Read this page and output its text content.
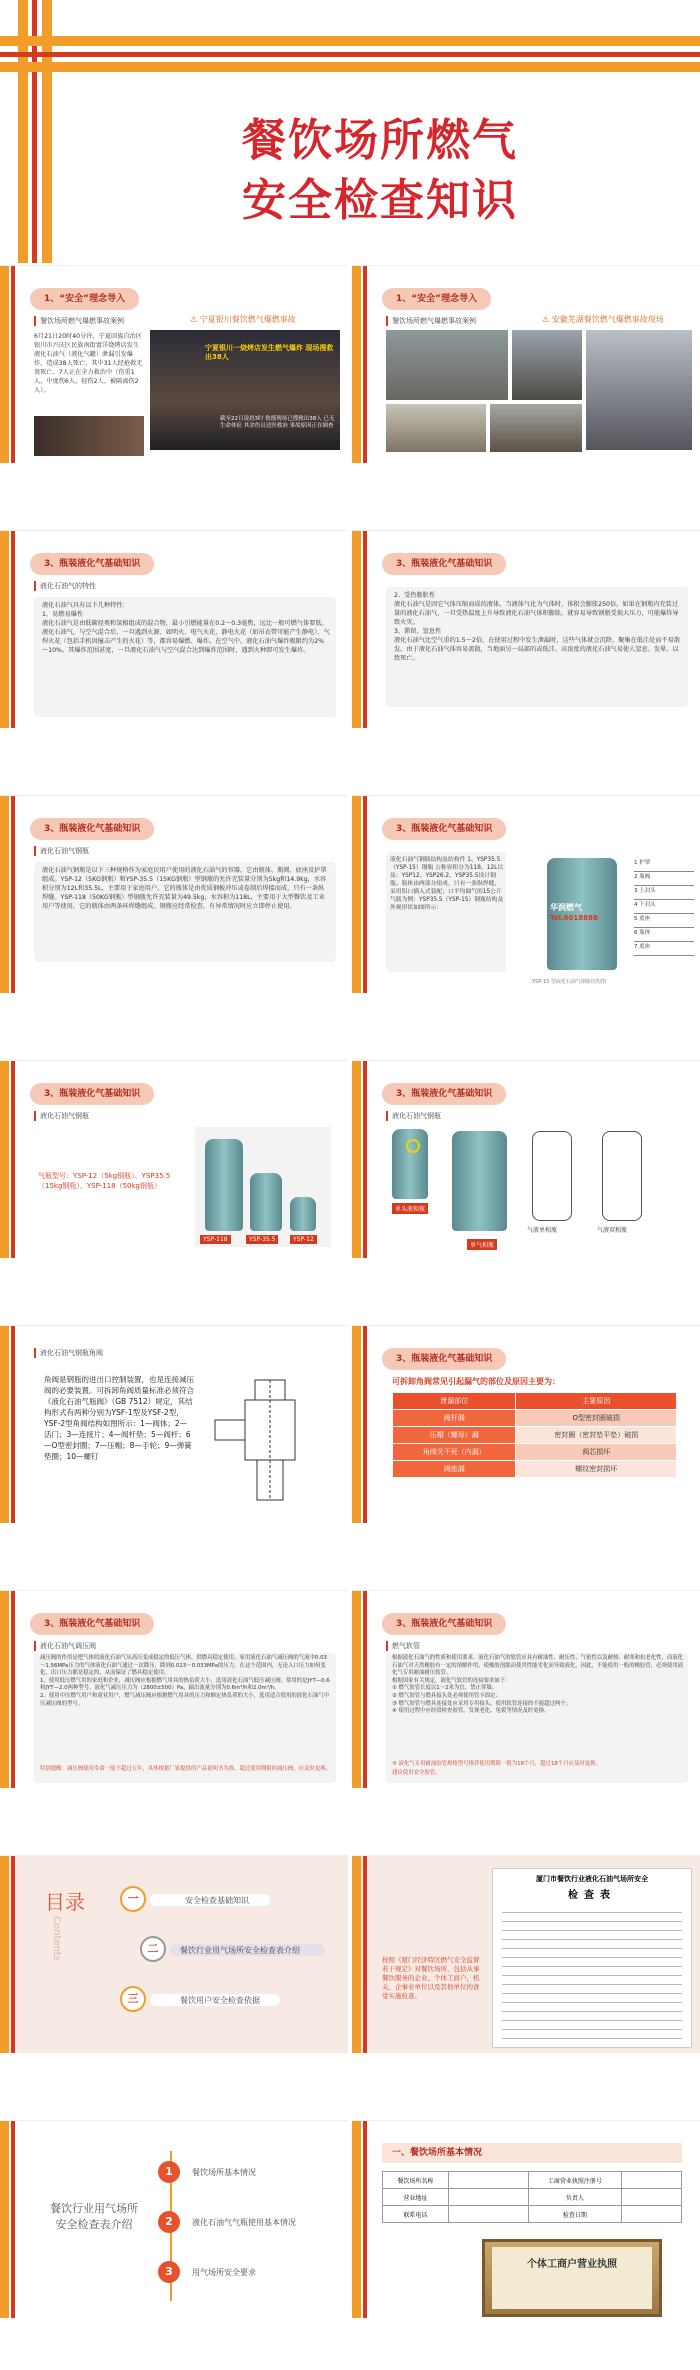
餐饮场所燃气
安全检查知识
1、“安全”理念导入
餐饮场所燃气爆燃事故案例	⚠ 宁夏银川餐饮燃气爆燃事故
6月21日20时40分许，宁夏回族自治区银川市兴庆区民族南街富洋烧烤店发生液化石油气（液化气罐）泄漏引发爆炸，造成38人死亡、其中31人经抢救无效死亡、7人正在全力救治中（伤重1人、中度伤6人、轻伤2人、被隔离伤2人）。
宁夏银川一烧烤店发生燃气爆炸 现场搜救出38人
截至22日凌晨3时 救援现场已搜救出38人 已无生命体征 其余伤员送医救治 事故原因正在调查
1、“安全”理念导入
餐饮场所燃气爆燃事故案例	⚠ 安徽芜湖餐饮燃气爆燃事故现场
3、瓶装液化气基础知识
液化石油气的特性
液化石油气具有以下几种特性：
1、易燃易爆性
液化石油气是由低碳烃类和氢相组成的混合物，最小引燃能量在0.2～0.3毫焦，远比一般可燃气体要低。液化石油气，与空气混合后，一旦遇到火源、如明火、电气火花、静电火花（如吊衣带可能产生静电）、气焊火花（包括手机因撞击产生的火花）等，都容易爆燃、爆炸。在空气中，液化石油气爆炸极限约为2%～10%。其爆炸范围甚宽，一旦液化石油气与空气混合达到爆炸范围时，遇到火种即可发生爆炸。
3、瓶装液化气基础知识
2、受热膨胀性
液化石油气是因它气体压缩而成的液体，当液体气化为气体时，体积会膨胀250倍。如果在钢瓶内充装过量的液化石油气，一旦受热温度上升导致液化石油气体积膨胀，就容易导致钢瓶受损大压力，可能爆炸导致火灾。
3、滞留、窒息性
液化石油气比空气重约1.5～2倍，在使用过程中发生泄漏时，这些气体就会沉降，聚集在低洼处而不易散发。由于液化石油气体容易流散，当地面另一局部的或低洼、高浓度的液化石油气易使人窒息、发晕、以致死亡。
3、瓶装液化气基础知识
液化石油气钢瓶
液化石油气钢瓶是以下三种规格作为家庭民用户使用的液化石油气的容器，它由瓶体、瓶阀、底座及护罩组成。YSP-12（5KG钢瓶）和YSP-35.5（15KG钢瓶）型钢瓶的允许充装量分别为5kg和14.9kg，水容积分别为12L和35.5L，主要用于家庭用户。它的瓶体是由优质钢板冲压或卷制后焊接而成，只有一条纵焊缝。YSP-118（50KG钢瓶）型钢瓶允许充装量为49.5kg，水容积为118L，主要用于大型餐饮及工业用户等使用，它的瓶体由两条环焊缝组成。钢瓶应经常检查，有异常情况时应立即停止使用。
3、瓶装液化气基础知识
液化石油气钢瓶结构及结构件 1、YSP35.5（YSP-15）钢瓶 公称容积分为118、12L以及：YSP12、YSP26.2、YSP35.5设计钢瓶。瓶体由两部分组成，只有一条纵焊缝，采用铝口插入式装配；口平均圆气的15公斤气瓶为例：YSP35.5（YSP-15）钢瓶结构及外观形状如图所示：	华润燃气
Tel.6018888
1 护罩
2 瓶阀
3 上封头
4 下封头
5 底座
6 瓶体
7 底座
YSP-15 型液化石油气钢瓶结构图
3、瓶装液化气基础知识
液化石油气钢瓶
气瓶型号：YSP-12（5kg钢瓶）、YSP35.5（15kg钢瓶）、YSP-118（50kg钢瓶）
YSP-118	YSP-35.5	YSP-12
3、瓶装液化气基础知识
液化石油气钢瓶
单头液相瓶
单气相瓶
气液单相瓶	气液双相瓶
液化石油气钢瓶角阀
角阀是钢瓶的进出口控制装置，也是连接减压阀的必要装置。可拆卸角阀质量标准必须符合《液化石油气瓶阀》（GB 7512）规定，其结构形式有两种分别为YSF-1型及YSF-2型，YSF-2型角阀结构如图所示：1—阀体；2—活门；3—连接片；4—阀杆垫；5—阀杆；6—O型密封圈；7—压帽；8—手轮；9—弹簧垫圈；10—螺钉
3、瓶装液化气基础知识
可拆卸角阀常见引起漏气的部位及原因主要为：
泄漏部位	主要原因
阀杆漏	O型密封圈破损
压帽（螺母）漏	密封圈（密封垫平垫）破损
角阀关不死（内漏）	阀芯损坏
阀座漏	螺纹密封损坏
3、瓶装液化气基础知识
液化石油气调压阀
减压阀的作用是把气体的液化石油气从高压变成稳定的低压气体，供燃具稳定使用，家用液化石油气减压阀的气流中0.03～1.56MPa压力的气体液化石油气通过一次降压，降到0.023～0.033MPa的压力，在这个范围内，无论入口压力如何变化，出口压力都是稳定的，从而保证了燃具稳定使用。
1、使用低压燃气用的家庭和企业，减压阀应根据燃气用具的热负荷大小，选用液化石油气低压减压阀。常用的是JYT—0.6和JYT—2.0两种型号，液化气减压压力为（2800±500）Pa，输出流量分别为0.6m³/h和2.0m³/h。
2、使用中压燃气用户和商业用户，燃气减压阀应根据燃气用具的压力和额定热负荷的大小，选用适合使用的液化石油气中压减压阀的型号。
特别提醒：减压阀使用寿命一般不超过五年，具体根据厂家提供的产品说明书为准。超过使用期限的减压阀，应及时更换。
3、瓶装液化气基础知识
燃气软管
根据液化石油气的性质和使用要求，液化石油气的软管应具有耐油性、耐压性、气密性以及耐热、耐寒和抗老化性，而液化石油气对天然橡胶有一定的溶解作用，使橡胶溶胀而使其性能劣化而导致液化，因此，不能使用一般的橡胶管，必须使用液化气专用耐油耐压软管。
根据国家有关规定，液化气软管的连接要求如下：
① 燃气胶管长度以1～2米为宜，禁止穿墙；
② 燃气胶管与燃具接头处必须使用管卡固定；
③ 燃气胶管与燃具连接处应采用专用接头，使用软管连接的不能超过两个；
④ 使用过程中应经常检查胶管，发现老化、龟裂等情况及时更换。
⑤ 液化气专用耐油胶管规格型号推荐使用期限一般为18个月，超过18个月应及时更换。
建议使用安全胶管。
目录
Contents
一	安全检查基础知识
二	餐饮行业用气场所安全检查表介绍
三	餐饮用户安全检查依据
厦门市餐饮行业液化石油气场所安全
检查表
按照《厦门经济特区燃气安全监督若干规定》对餐饮场所，包括从事餐饮服务的企业、个体工商户，机关、企事业单位以及其他单位的食堂实施检查。
餐饮行业用气场所
安全检查表介绍
1	餐饮场所基本情况
2	液化石油气气瓶使用基本情况
3	用气场所安全要求
一、餐饮场所基本情况
餐饮场所名称		工商营业执照注册号	
营业地址		负责人	
联系电话		检查日期	
个体工商户营业执照
